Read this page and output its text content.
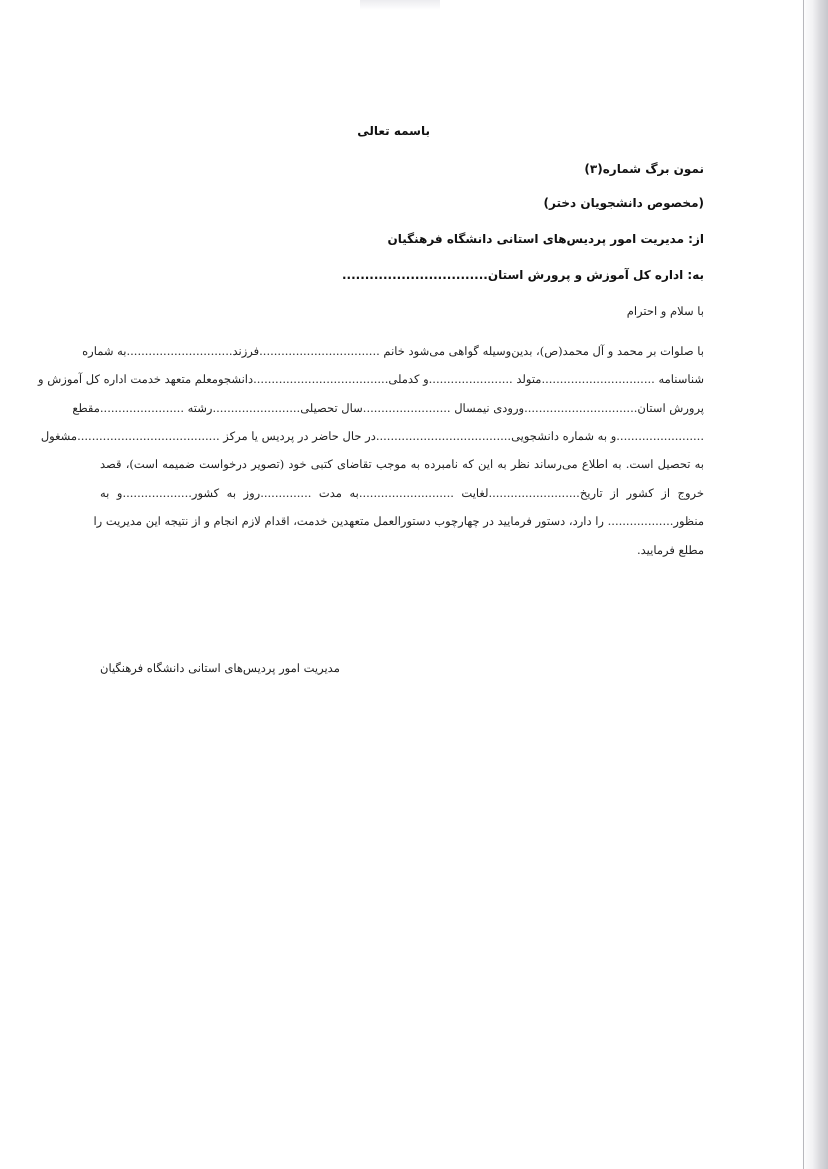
باسمه تعالی
نمون برگ شماره(۳)
(مخصوص دانشجویان دختر)
از: مدیریت امور پردیس‌های استانی دانشگاه فرهنگیان
به: اداره کل آموزش و پرورش استان................................
با سلام و احترام
با صلوات بر محمد و آل محمد(ص)، بدین‌وسیله گواهی می‌شود خانم .................................فرزند.............................به شماره
شناسنامه ...............................متولد .......................و کدملی.....................................دانشجومعلم متعهد خدمت اداره کل آموزش و
پرورش استان...............................ورودی نیمسال ........................سال تحصیلی........................رشته .......................مقطع
........................و به شماره دانشجویی.....................................در حال حاضر در پردیس یا مرکز .......................................مشغول
به تحصیل است. به اطلاع می‌رساند نظر به این که نامبرده به موجب تقاضای کتبی خود (تصویر درخواست ضمیمه است)، قصد
خروج از کشور از تاریخ.........................لغایت ..........................به مدت ..............روز به کشور...................و به
منظور.................. را دارد، دستور فرمایید در چهارچوب دستورالعمل متعهدین خدمت، اقدام لازم انجام و از نتیجه این مدیریت را
مطلع فرمایید.
مدیریت امور پردیس‌های استانی دانشگاه فرهنگیان
